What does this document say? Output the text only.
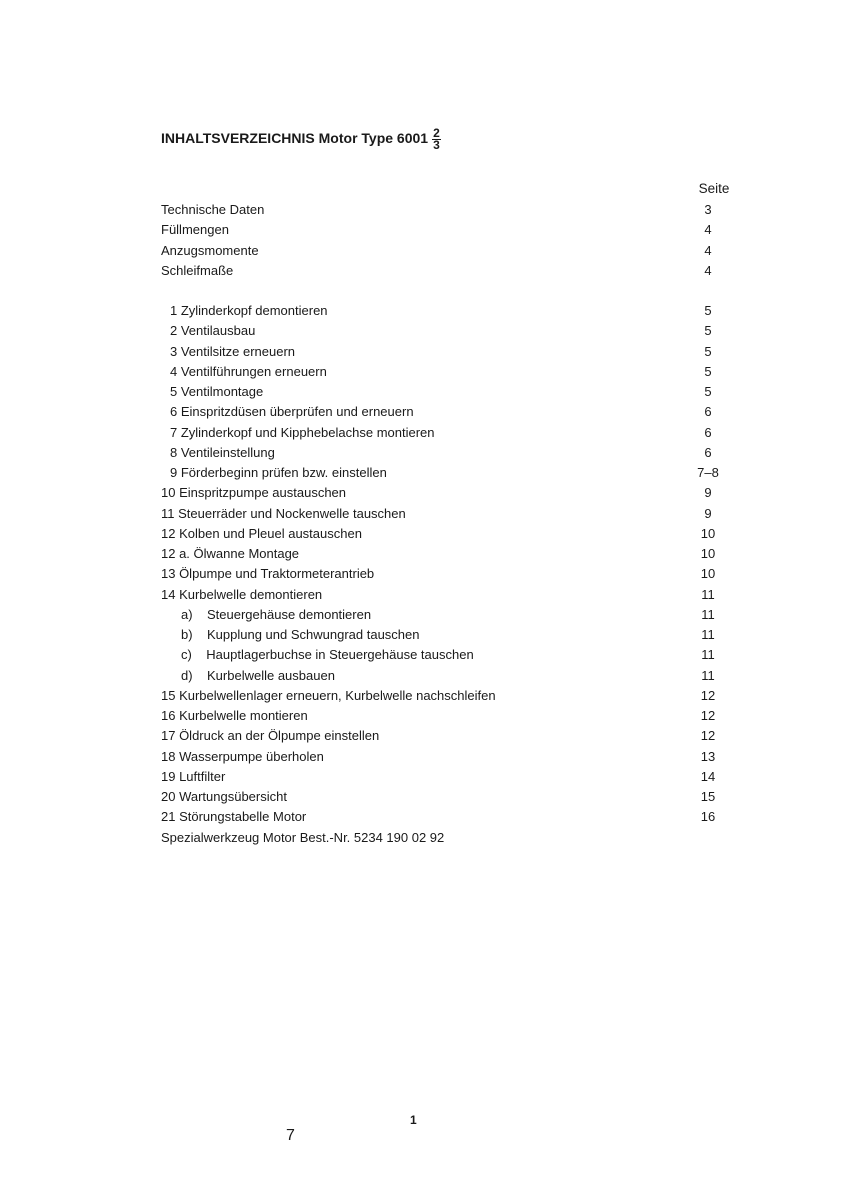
INHALTSVERZEICHNIS Motor Type $6001 \frac{2}{3}$
Seite
Technische Daten	3
Füllmengen	4
Anzugsmomente	4
Schleifmaße	4
1 Zylinderkopf demontieren	5
2 Ventilausbau	5
3 Ventilsitze erneuern	5
4 Ventilführungen erneuern	5
5 Ventilmontage	5
6 Einspritzdüsen überprüfen und erneuern	6
7 Zylinderkopf und Kipphebelachse montieren	6
8 Ventileinstellung	6
9 Förderbeginn prüfen bzw. einstellen	7–8
10 Einspritzpumpe austauschen	9
11 Steuerräder und Nockenwelle tauschen	9
12 Kolben und Pleuel austauschen	10
12 a. Ölwanne Montage	10
13 Ölpumpe und Traktormeterantrieb	10
14 Kurbelwelle demontieren	11
a)    Steuergehäuse demontieren	11
b)    Kupplung und Schwungrad tauschen	11
c)    Hauptlagerbuchse in Steuergehäuse tauschen	11
d)    Kurbelwelle ausbauen	11
15 Kurbelwellenlager erneuern, Kurbelwelle nachschleifen	12
16 Kurbelwelle montieren	12
17 Öldruck an der Ölpumpe einstellen	12
18 Wasserpumpe überholen	13
19 Luftfilter	14
20 Wartungsübersicht	15
21 Störungstabelle Motor	16
Spezialwerkzeug Motor Best.-Nr. 5234 190 02 92
1
7
